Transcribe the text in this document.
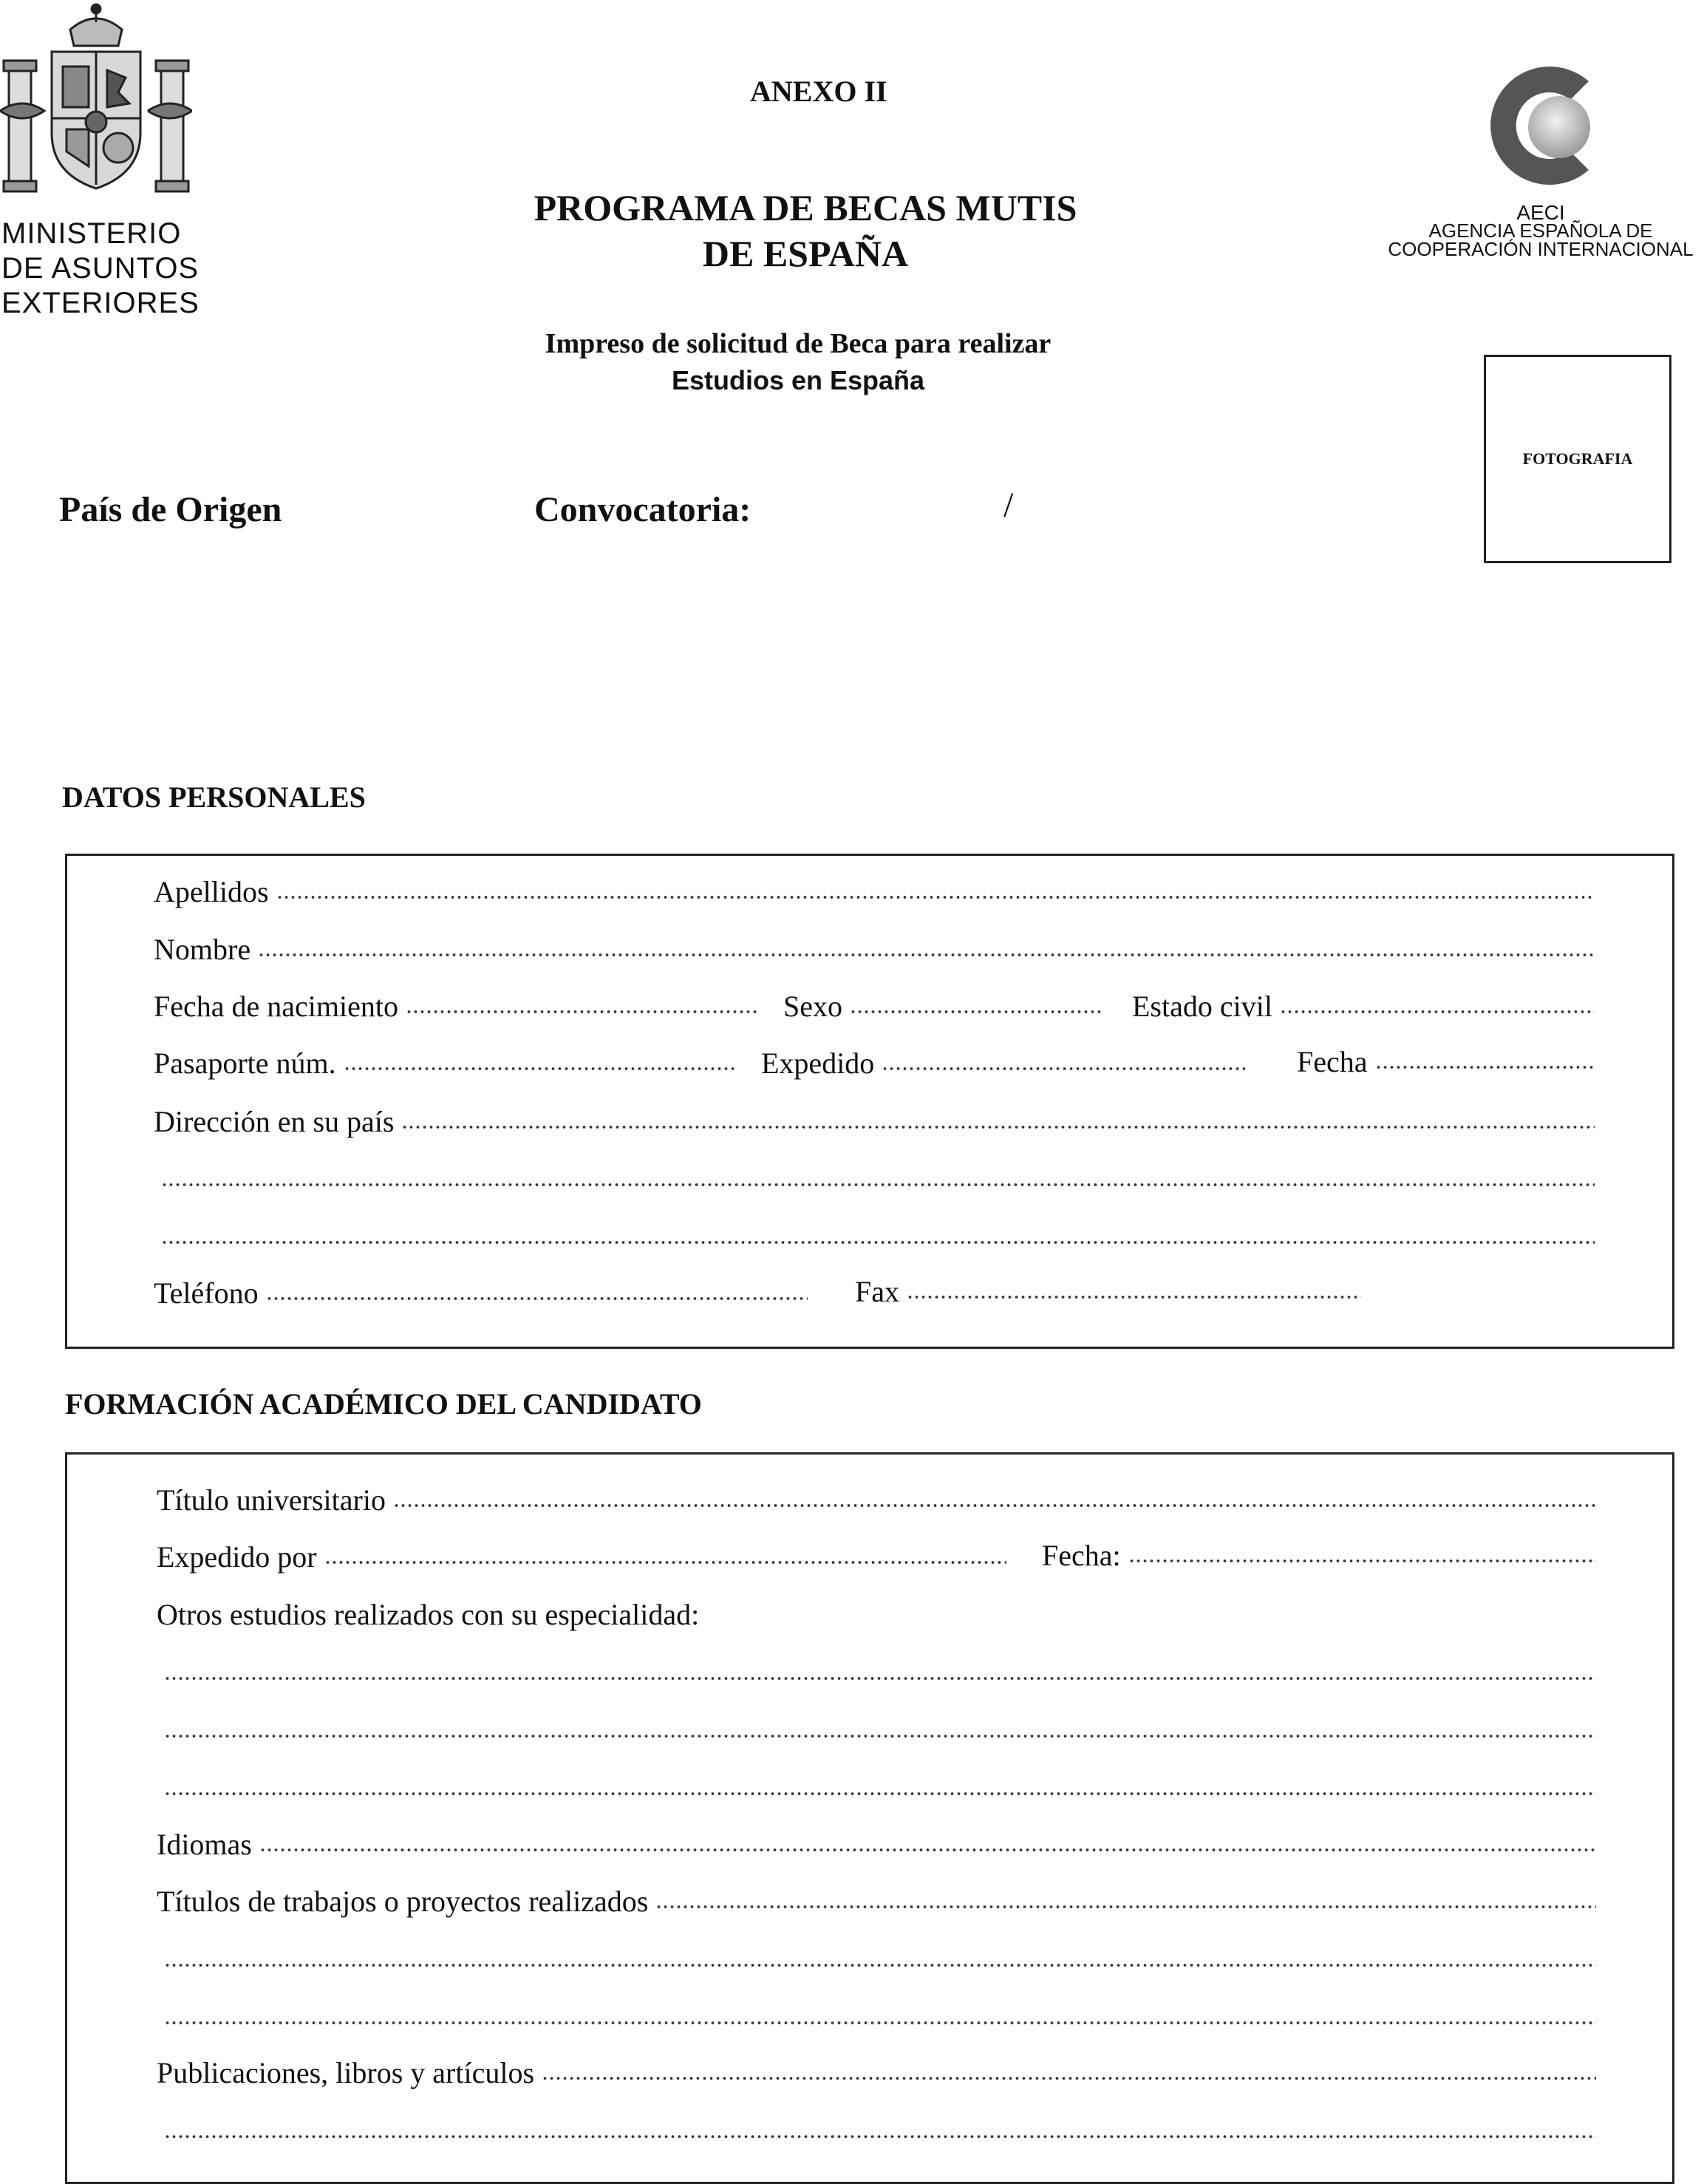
MINISTERIO
DE ASUNTOS
EXTERIORES
ANEXO II
PROGRAMA DE BECAS MUTIS
DE ESPAÑA
Impreso de solicitud de Beca para realizar
Estudios en España
AECI
AGENCIA ESPAÑOLA DE
COOPERACIÓN INTERNACIONAL
FOTOGRAFIA
País de Origen	Convocatoria:	/
DATOS PERSONALES
Apellidos
Nombre
Fecha de nacimiento	Sexo	Estado civil
Pasaporte núm.	Expedido	Fecha
Dirección en su país
Teléfono	Fax
FORMACIÓN ACADÉMICO DEL CANDIDATO
Título universitario
Expedido por	Fecha:
Otros estudios realizados con su especialidad:
Idiomas
Títulos de trabajos o proyectos realizados
Publicaciones, libros y artículos
